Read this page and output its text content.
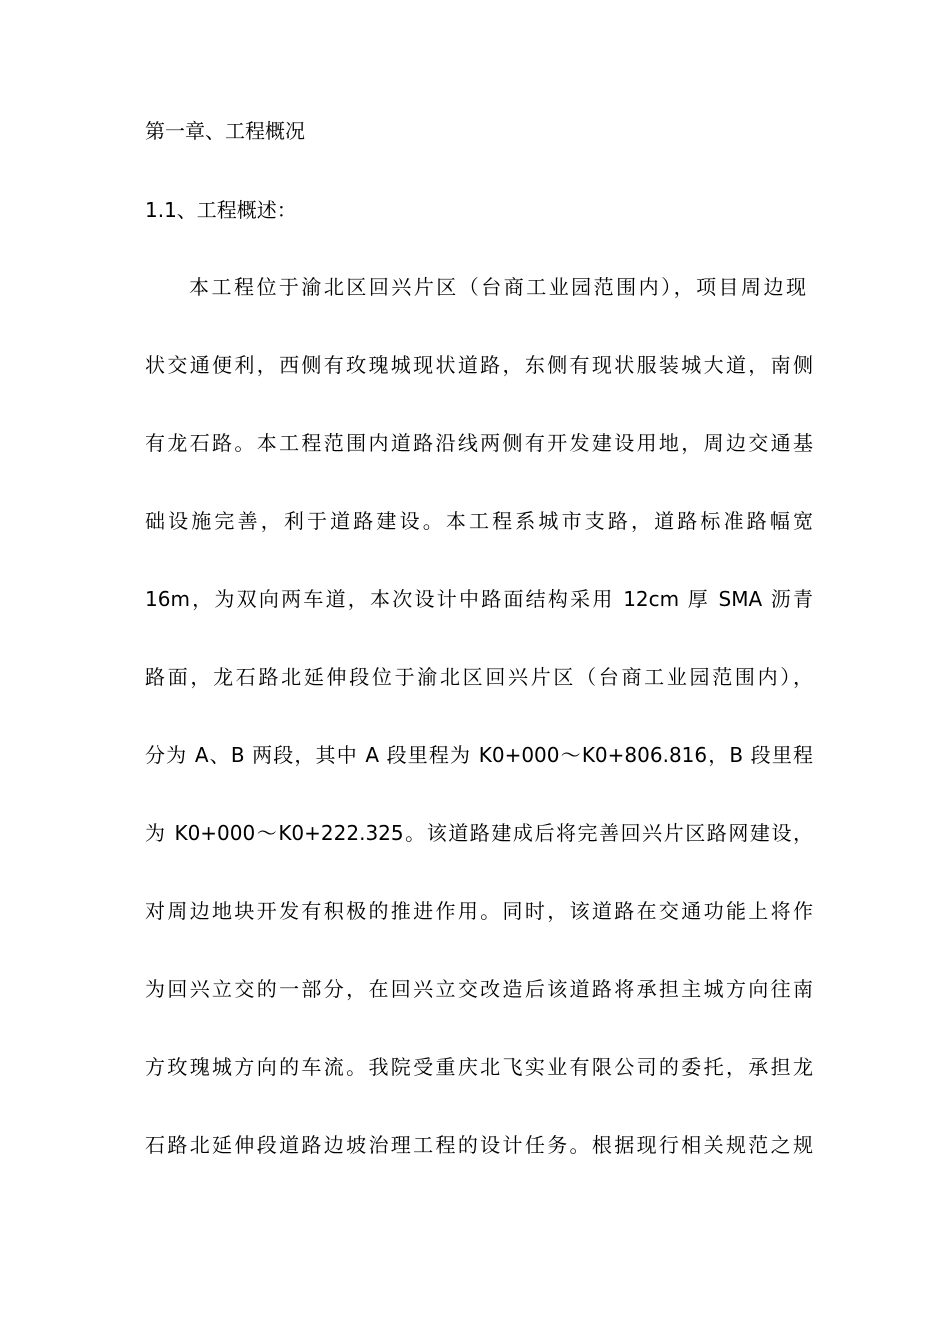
第一章、工程概况
1.1、工程概述：

本工程位于渝北区回兴片区（台商工业园范围内），项目周边现

状交通便利，西侧有玫瑰城现状道路，东侧有现状服装城大道，南侧

有龙石路。本工程范围内道路沿线两侧有开发建设用地，周边交通基

础设施完善，利于道路建设。本工程系城市支路，道路标准路幅宽

16m，为双向两车道，本次设计中路面结构采用 12cm 厚 SMA 沥青

路面，龙石路北延伸段位于渝北区回兴片区（台商工业园范围内），

分为 A、B 两段，其中 A 段里程为 K0+000～K0+806.816，B 段里程

为 K0+000～K0+222.325。该道路建成后将完善回兴片区路网建设，

对周边地块开发有积极的推进作用。同时，该道路在交通功能上将作

为回兴立交的一部分，在回兴立交改造后该道路将承担主城方向往南

方玫瑰城方向的车流。我院受重庆北飞实业有限公司的委托，承担龙

石路北延伸段道路边坡治理工程的设计任务。根据现行相关规范之规
